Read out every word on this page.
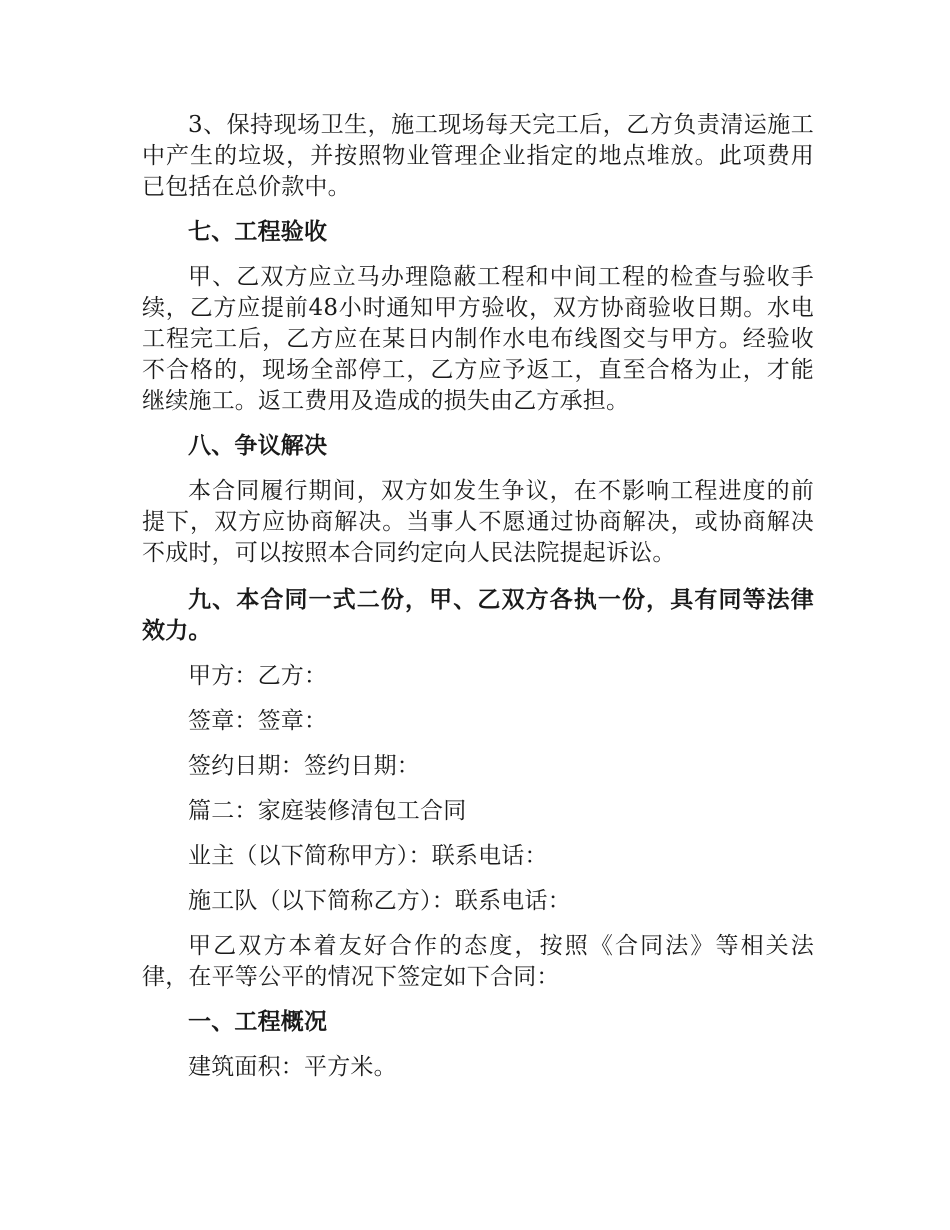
3、保持现场卫生，施工现场每天完工后，乙方负责清运施工中产生的垃圾，并按照物业管理企业指定的地点堆放。此项费用已包括在总价款中。

七、工程验收

甲、乙双方应立马办理隐蔽工程和中间工程的检查与验收手续，乙方应提前48小时通知甲方验收，双方协商验收日期。水电工程完工后，乙方应在某日内制作水电布线图交与甲方。经验收不合格的，现场全部停工，乙方应予返工，直至合格为止，才能继续施工。返工费用及造成的损失由乙方承担。

八、争议解决

本合同履行期间，双方如发生争议，在不影响工程进度的前提下，双方应协商解决。当事人不愿通过协商解决，或协商解决不成时，可以按照本合同约定向人民法院提起诉讼。

九、本合同一式二份，甲、乙双方各执一份，具有同等法律效力。

甲方：乙方：

签章：签章：

签约日期：签约日期：

篇二：家庭装修清包工合同

业主（以下简称甲方）：联系电话：

施工队（以下简称乙方）：联系电话：

甲乙双方本着友好合作的态度，按照《合同法》等相关法律，在平等公平的情况下签定如下合同：

一、工程概况

建筑面积：平方米。
